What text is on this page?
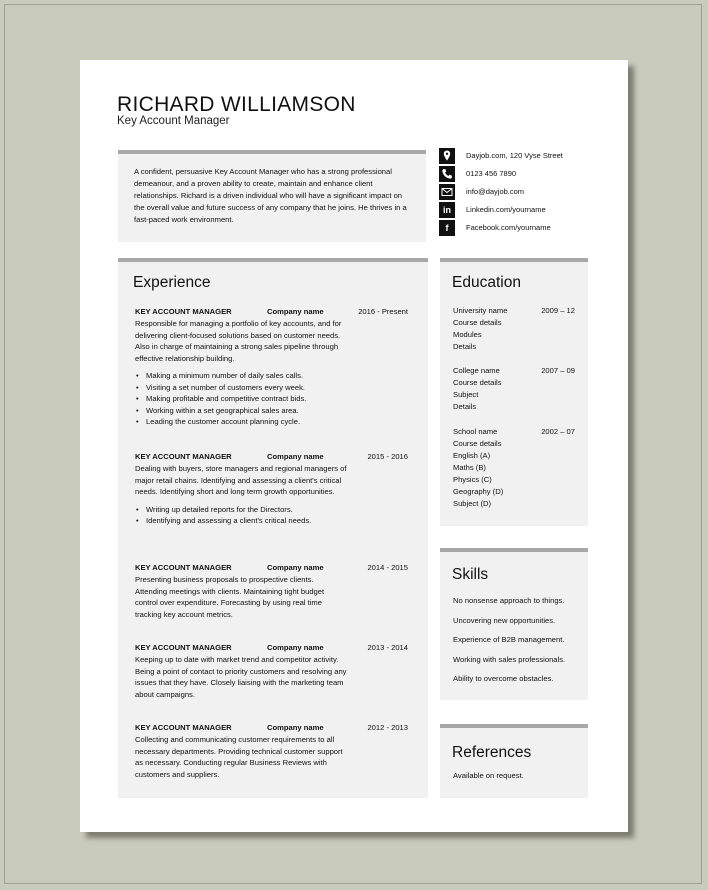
RICHARD WILLIAMSON
Key Account Manager
A confident, persuasive Key Account Manager who has a strong professional demeanour, and a proven ability to create, maintain and enhance client relationships. Richard is a driven individual who will have a significant impact on the overall value and future success of any company that he joins. He thrives in a fast-paced work environment.
Dayjob.com, 120 Vyse Street
0123 456 7890
info@dayjob.com
in	Linkedin.com/yourname
f	Facebook.com/yourname
Experience
KEY ACCOUNT MANAGER	Company name	2016 - Present
Responsible for managing a portfolio of key accounts, and for delivering client-focused solutions based on customer needs. Also in charge of maintaining a strong sales pipeline through effective relationship building.
• Making a minimum number of daily sales calls.
• Visiting a set number of customers every week.
• Making profitable and competitive contract bids.
• Working within a set geographical sales area.
• Leading the customer account planning cycle.
KEY ACCOUNT MANAGER	Company name	2015 - 2016
Dealing with buyers, store managers and regional managers of major retail chains. Identifying and assessing a client's critical needs. Identifying short and long term growth opportunities.
• Writing up detailed reports for the Directors.
• Identifying and assessing a client's critical needs.
KEY ACCOUNT MANAGER	Company name	2014 - 2015
Presenting business proposals to prospective clients. Attending meetings with clients. Maintaining tight budget control over expenditure. Forecasting by using real time tracking key account metrics.
KEY ACCOUNT MANAGER	Company name	2013 - 2014
Keeping up to date with market trend and competitor activity. Being a point of contact to priority customers and resolving any issues that they have. Closely liaising with the marketing team about campaigns.
KEY ACCOUNT MANAGER	Company name	2012 - 2013
Collecting and communicating customer requirements to all necessary departments. Providing technical customer support as necessary. Conducting regular Business Reviews with customers and suppliers.
Education
University name	2009 – 12
Course details
Modules
Details
College name	2007 – 09
Course details
Subject
Details
School name	2002 – 07
Course details
English (A)
Maths (B)
Physics (C)
Geography (D)
Subject (D)
Skills
No nonsense approach to things.
Uncovering new opportunities.
Experience of B2B management.
Working with sales professionals.
Ability to overcome obstacles.
References
Available on request.
